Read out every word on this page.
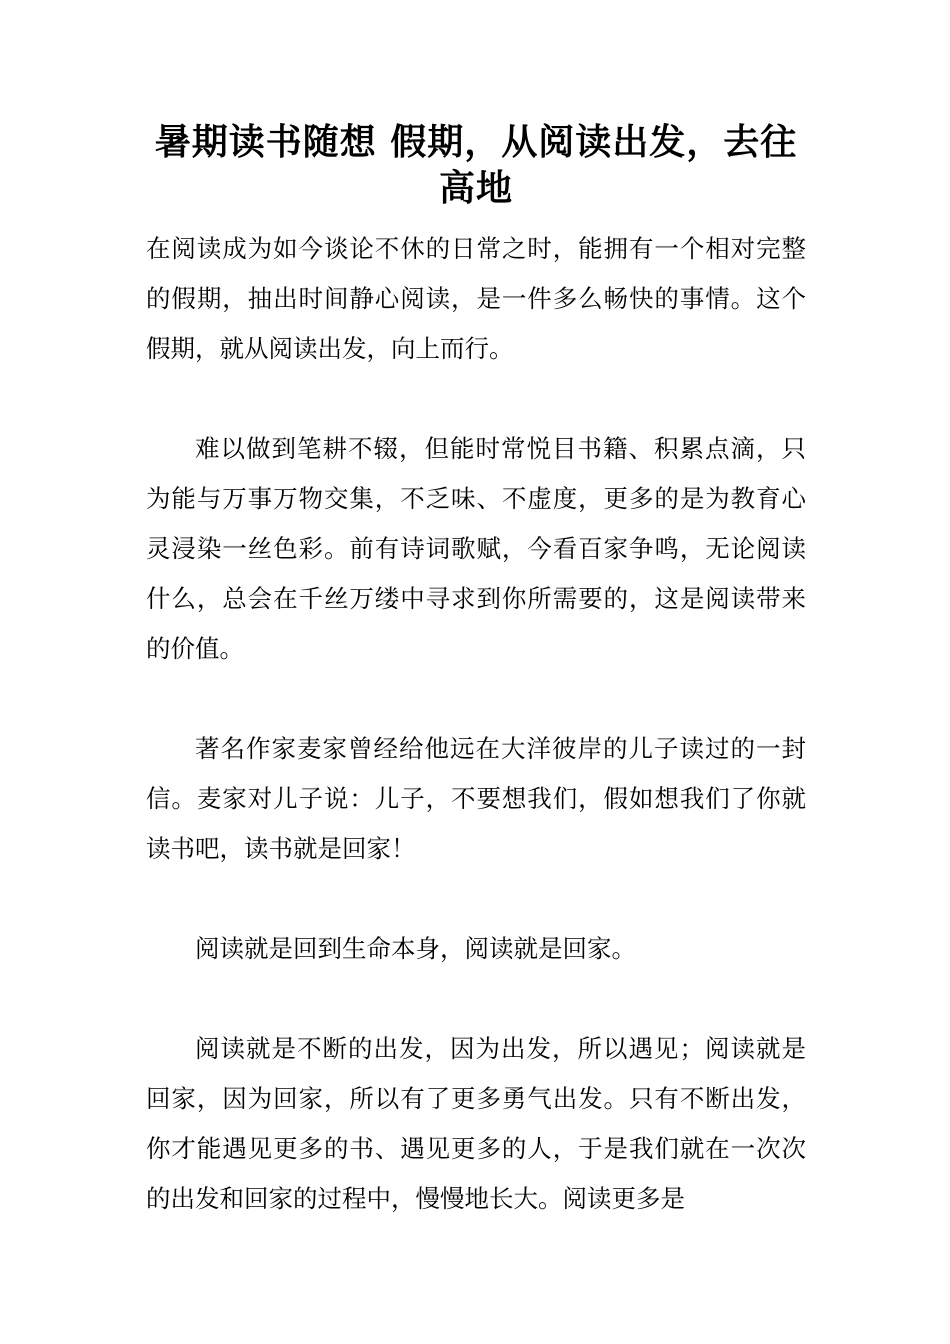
暑期读书随想 假期，从阅读出发，去往高地

在阅读成为如今谈论不休的日常之时，能拥有一个相对完整的假期，抽出时间静心阅读，是一件多么畅快的事情。这个假期，就从阅读出发，向上而行。

难以做到笔耕不辍，但能时常悦目书籍、积累点滴，只为能与万事万物交集，不乏味、不虚度，更多的是为教育心灵浸染一丝色彩。前有诗词歌赋，今看百家争鸣，无论阅读什么，总会在千丝万缕中寻求到你所需要的，这是阅读带来的价值。

著名作家麦家曾经给他远在大洋彼岸的儿子读过的一封信。麦家对儿子说：儿子，不要想我们，假如想我们了你就读书吧，读书就是回家！

阅读就是回到生命本身，阅读就是回家。

阅读就是不断的出发，因为出发，所以遇见；阅读就是回家，因为回家，所以有了更多勇气出发。只有不断出发，你才能遇见更多的书、遇见更多的人，于是我们就在一次次的出发和回家的过程中，慢慢地长大。阅读更多是
